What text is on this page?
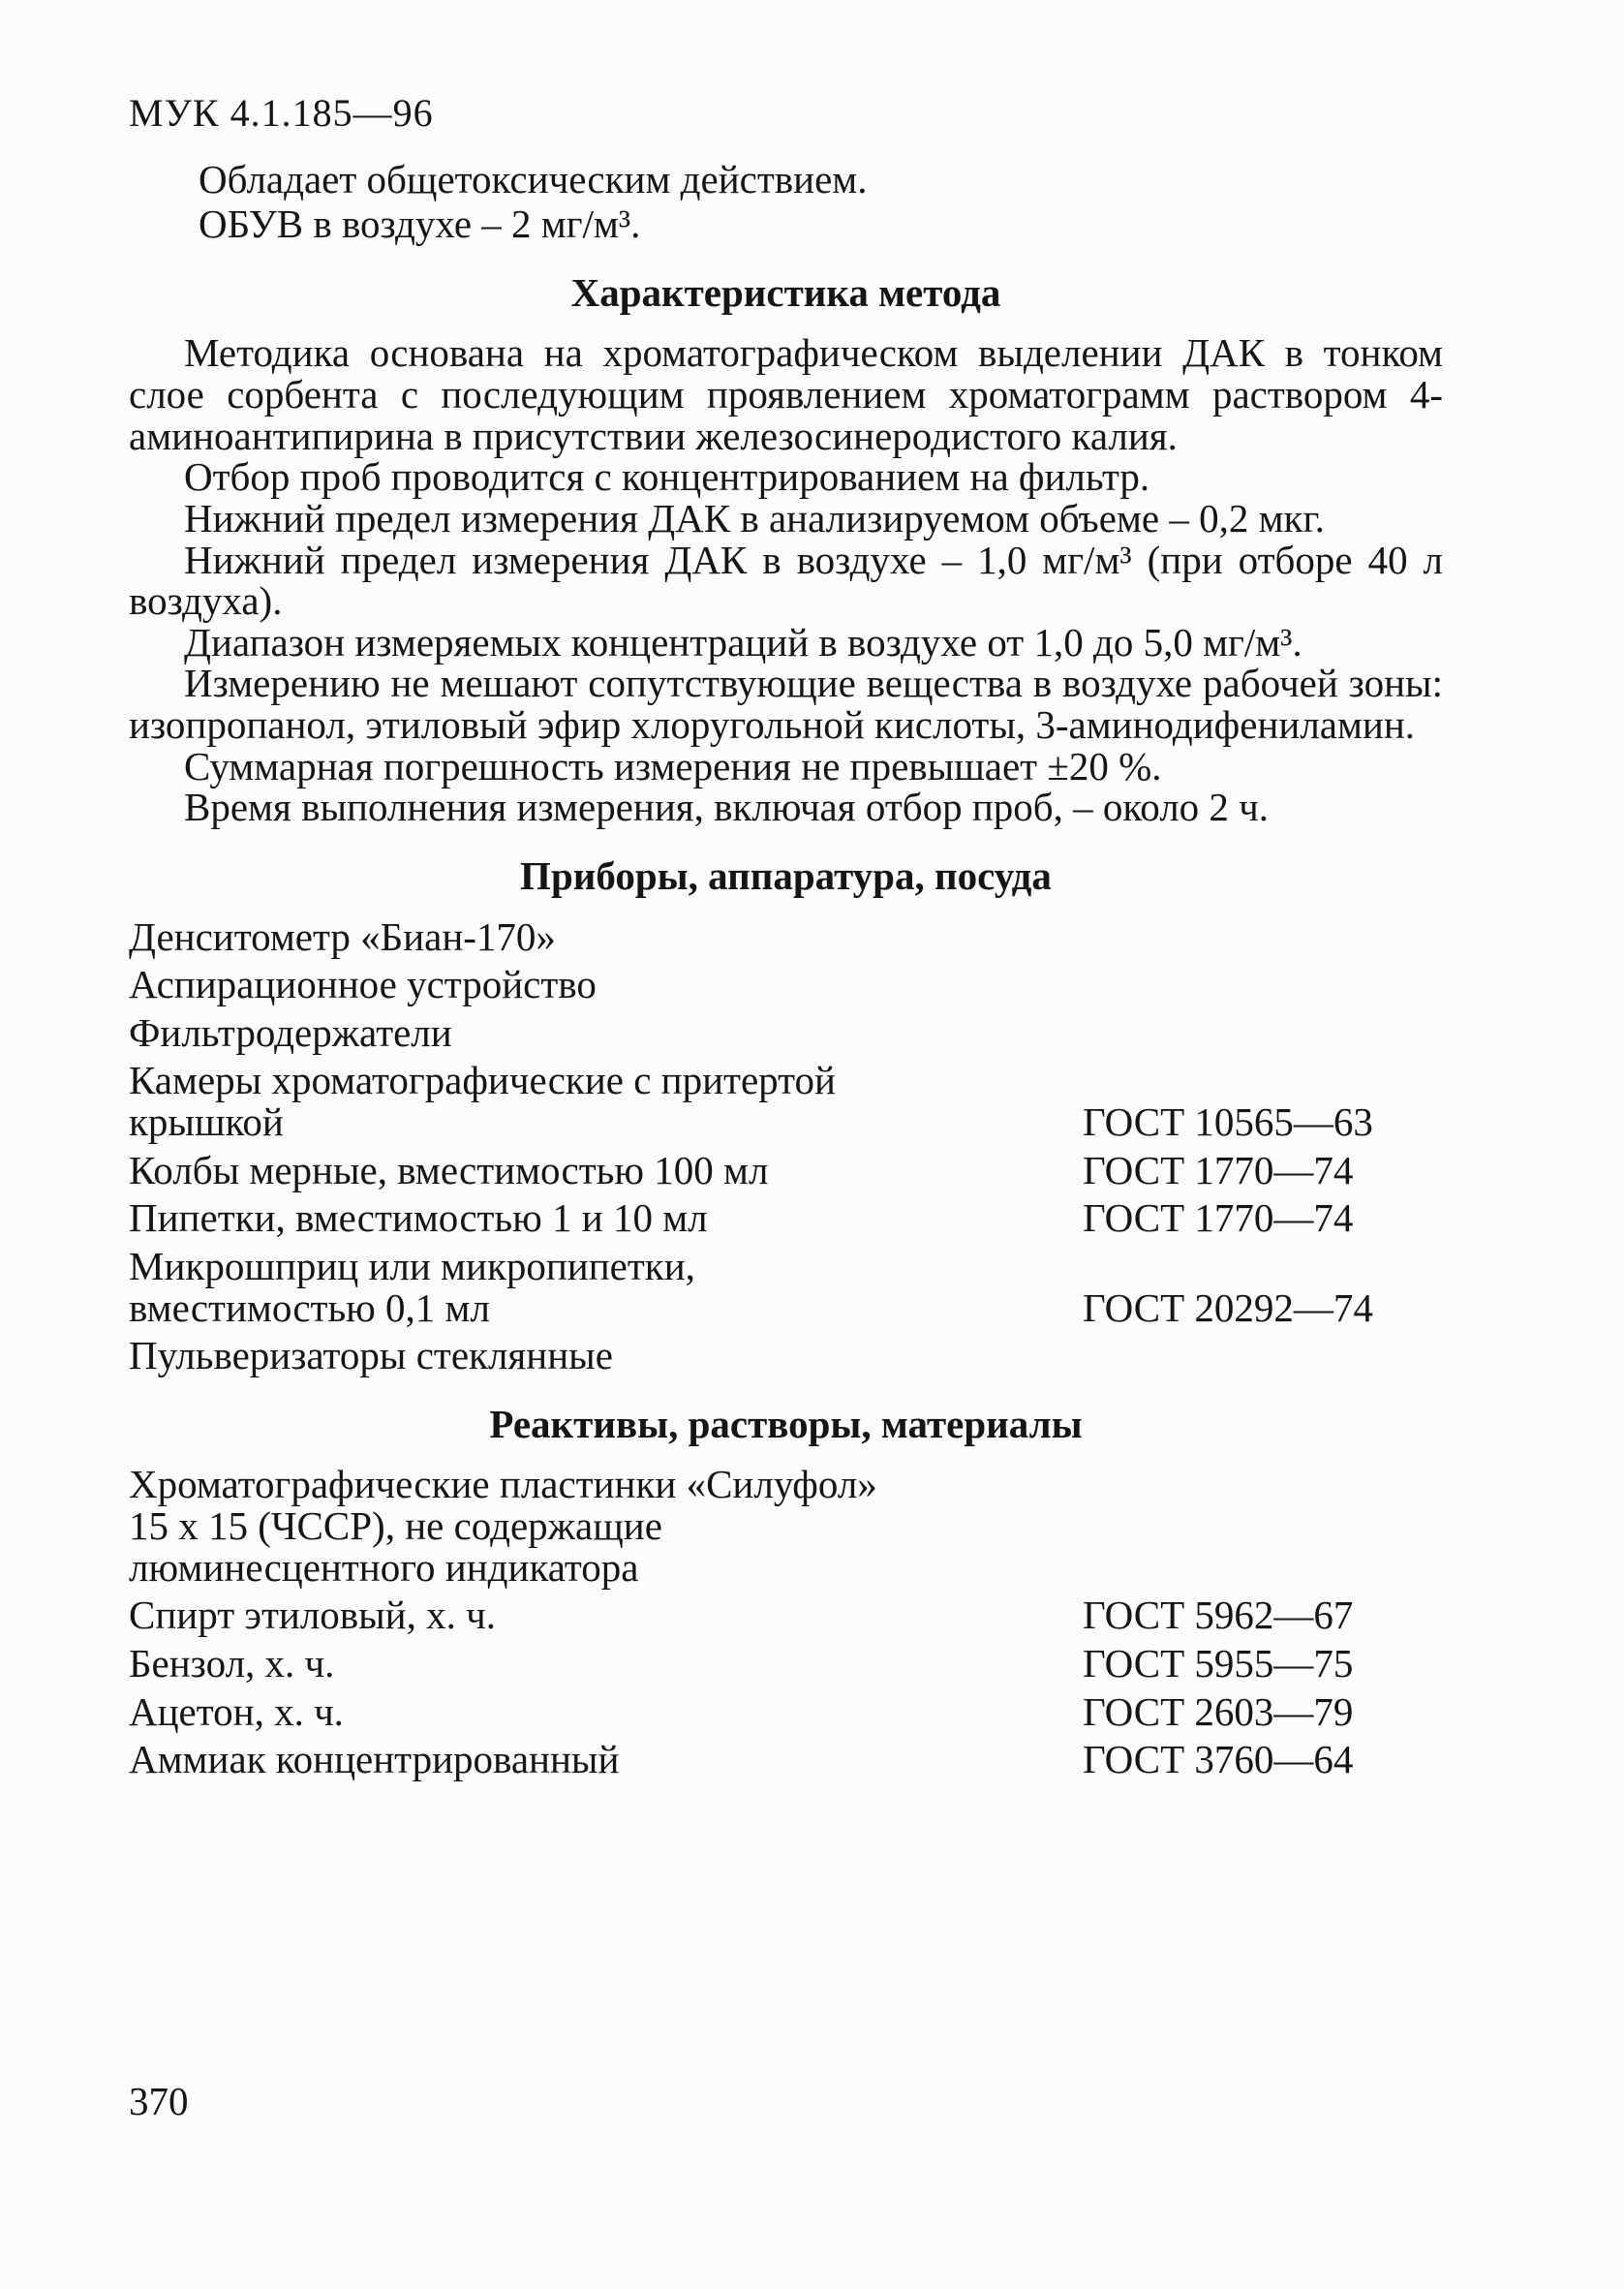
МУК 4.1.185—96
Обладает общетоксическим действием.
ОБУВ в воздухе – 2 мг/м³.
Характеристика метода

Методика основана на хроматографическом выделении ДАК в тонком слое сорбента с последующим проявлением хроматограмм раствором 4-аминоантипирина в присутствии железосинеродистого калия.

Отбор проб проводится с концентрированием на фильтр.

Нижний предел измерения ДАК в анализируемом объеме – 0,2 мкг.

Нижний предел измерения ДАК в воздухе – 1,0 мг/м³ (при отборе 40 л воздуха).

Диапазон измеряемых концентраций в воздухе от 1,0 до 5,0 мг/м³.

Измерению не мешают сопутствующие вещества в воздухе рабочей зоны: изопропанол, этиловый эфир хлоругольной кислоты, 3-аминодифениламин.

Суммарная погрешность измерения не превышает ±20 %.

Время выполнения измерения, включая отбор проб, – около 2 ч.

Приборы, аппаратура, посуда
Денситометр «Биан-170»
Аспирационное устройство
Фильтродержатели
Камеры хроматографические с притертой крышкой	ГОСТ 10565—63
Колбы мерные, вместимостью 100 мл	ГОСТ 1770—74
Пипетки, вместимостью 1 и 10 мл	ГОСТ 1770—74
Микрошприц или микропипетки, вместимостью 0,1 мл	ГОСТ 20292—74
Пульверизаторы стеклянные
Реактивы, растворы, материалы
Хроматографические пластинки «Силуфол» 15 х 15 (ЧССР), не содержащие люминесцентного индикатора
Спирт этиловый, х. ч.	ГОСТ 5962—67
Бензол, х. ч.	ГОСТ 5955—75
Ацетон, х. ч.	ГОСТ 2603—79
Аммиак концентрированный	ГОСТ 3760—64
370
